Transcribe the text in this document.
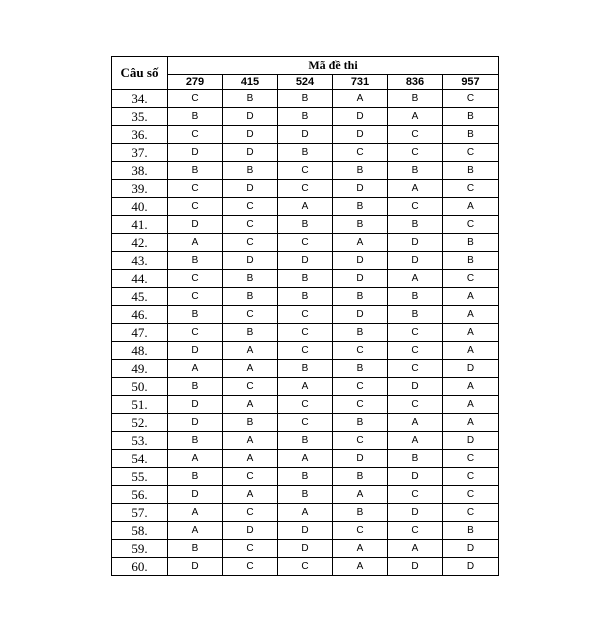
Câu số	Mã đề thi					
	279	415	524	731	836	957
34.	C	B	B	A	B	C
35.	B	D	B	D	A	B
36.	C	D	D	D	C	B
37.	D	D	B	C	C	C
38.	B	B	C	B	B	B
39.	C	D	C	D	A	C
40.	C	C	A	B	C	A
41.	D	C	B	B	B	C
42.	A	C	C	A	D	B
43.	B	D	D	D	D	B
44.	C	B	B	D	A	C
45.	C	B	B	B	B	A
46.	B	C	C	D	B	A
47.	C	B	C	B	C	A
48.	D	A	C	C	C	A
49.	A	A	B	B	C	D
50.	B	C	A	C	D	A
51.	D	A	C	C	C	A
52.	D	B	C	B	A	A
53.	B	A	B	C	A	D
54.	A	A	A	D	B	C
55.	B	C	B	B	D	C
56.	D	A	B	A	C	C
57.	A	C	A	B	D	C
58.	A	D	D	C	C	B
59.	B	C	D	A	A	D
60.	D	C	C	A	D	D
